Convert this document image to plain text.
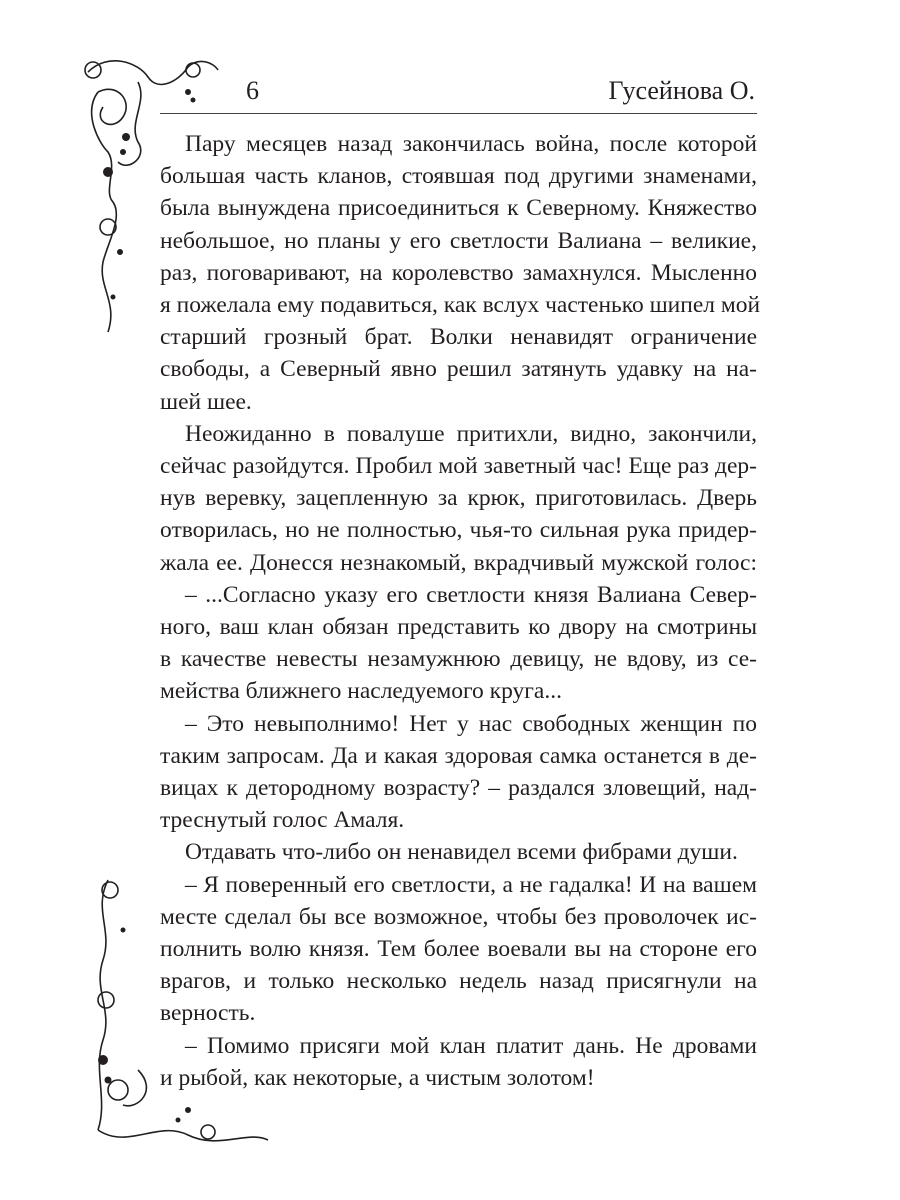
6	Гусейнова О.
Пару месяцев назад закончилась война, после которой
большая часть кланов, стоявшая под другими знаменами,
была вынуждена присоединиться к Северному. Княжество
небольшое, но планы у его светлости Валиана – великие,
раз, поговаривают, на королевство замахнулся. Мысленно
я пожелала ему подавиться, как вслух частенько шипел мой
старший грозный брат. Волки ненавидят ограничение
свободы, а Северный явно решил затянуть удавку на на-
шей шее.
Неожиданно в повалуше притихли, видно, закончили,
сейчас разойдутся. Пробил мой заветный час! Еще раз дер-
нув веревку, зацепленную за крюк, приготовилась. Дверь
отворилась, но не полностью, чья-то сильная рука придер-
жала ее. Донесся незнакомый, вкрадчивый мужской голос:
– ...Согласно указу его светлости князя Валиана Север-
ного, ваш клан обязан представить ко двору на смотрины
в качестве невесты незамужнюю девицу, не вдову, из се-
мейства ближнего наследуемого круга...
– Это невыполнимо! Нет у нас свободных женщин по
таким запросам. Да и какая здоровая самка останется в де-
вицах к детородному возрасту? – раздался зловещий, над-
треснутый голос Амаля.
Отдавать что-либо он ненавидел всеми фибрами души.
– Я поверенный его светлости, а не гадалка! И на вашем
месте сделал бы все возможное, чтобы без проволочек ис-
полнить волю князя. Тем более воевали вы на стороне его
врагов, и только несколько недель назад присягнули на
верность.
– Помимо присяги мой клан платит дань. Не дровами
и рыбой, как некоторые, а чистым золотом!
